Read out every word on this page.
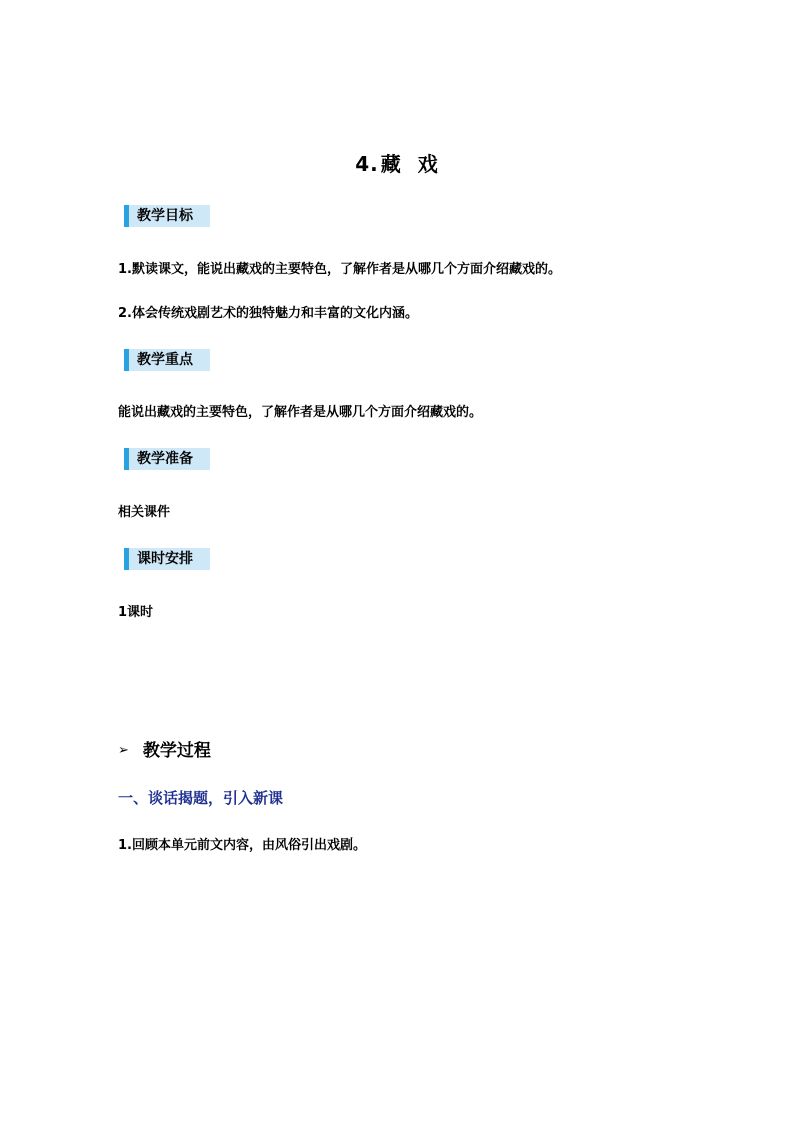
4. 藏 戏
教学目标
1.默读课文，能说出藏戏的主要特色，了解作者是从哪几个方面介绍藏戏的。
2.体会传统戏剧艺术的独特魅力和丰富的文化内涵。
教学重点
能说出藏戏的主要特色，了解作者是从哪几个方面介绍藏戏的。
教学准备
相关课件
课时安排
1课时
➢ 教学过程
一、谈话揭题，引入新课
1.回顾本单元前文内容，由风俗引出戏剧。
